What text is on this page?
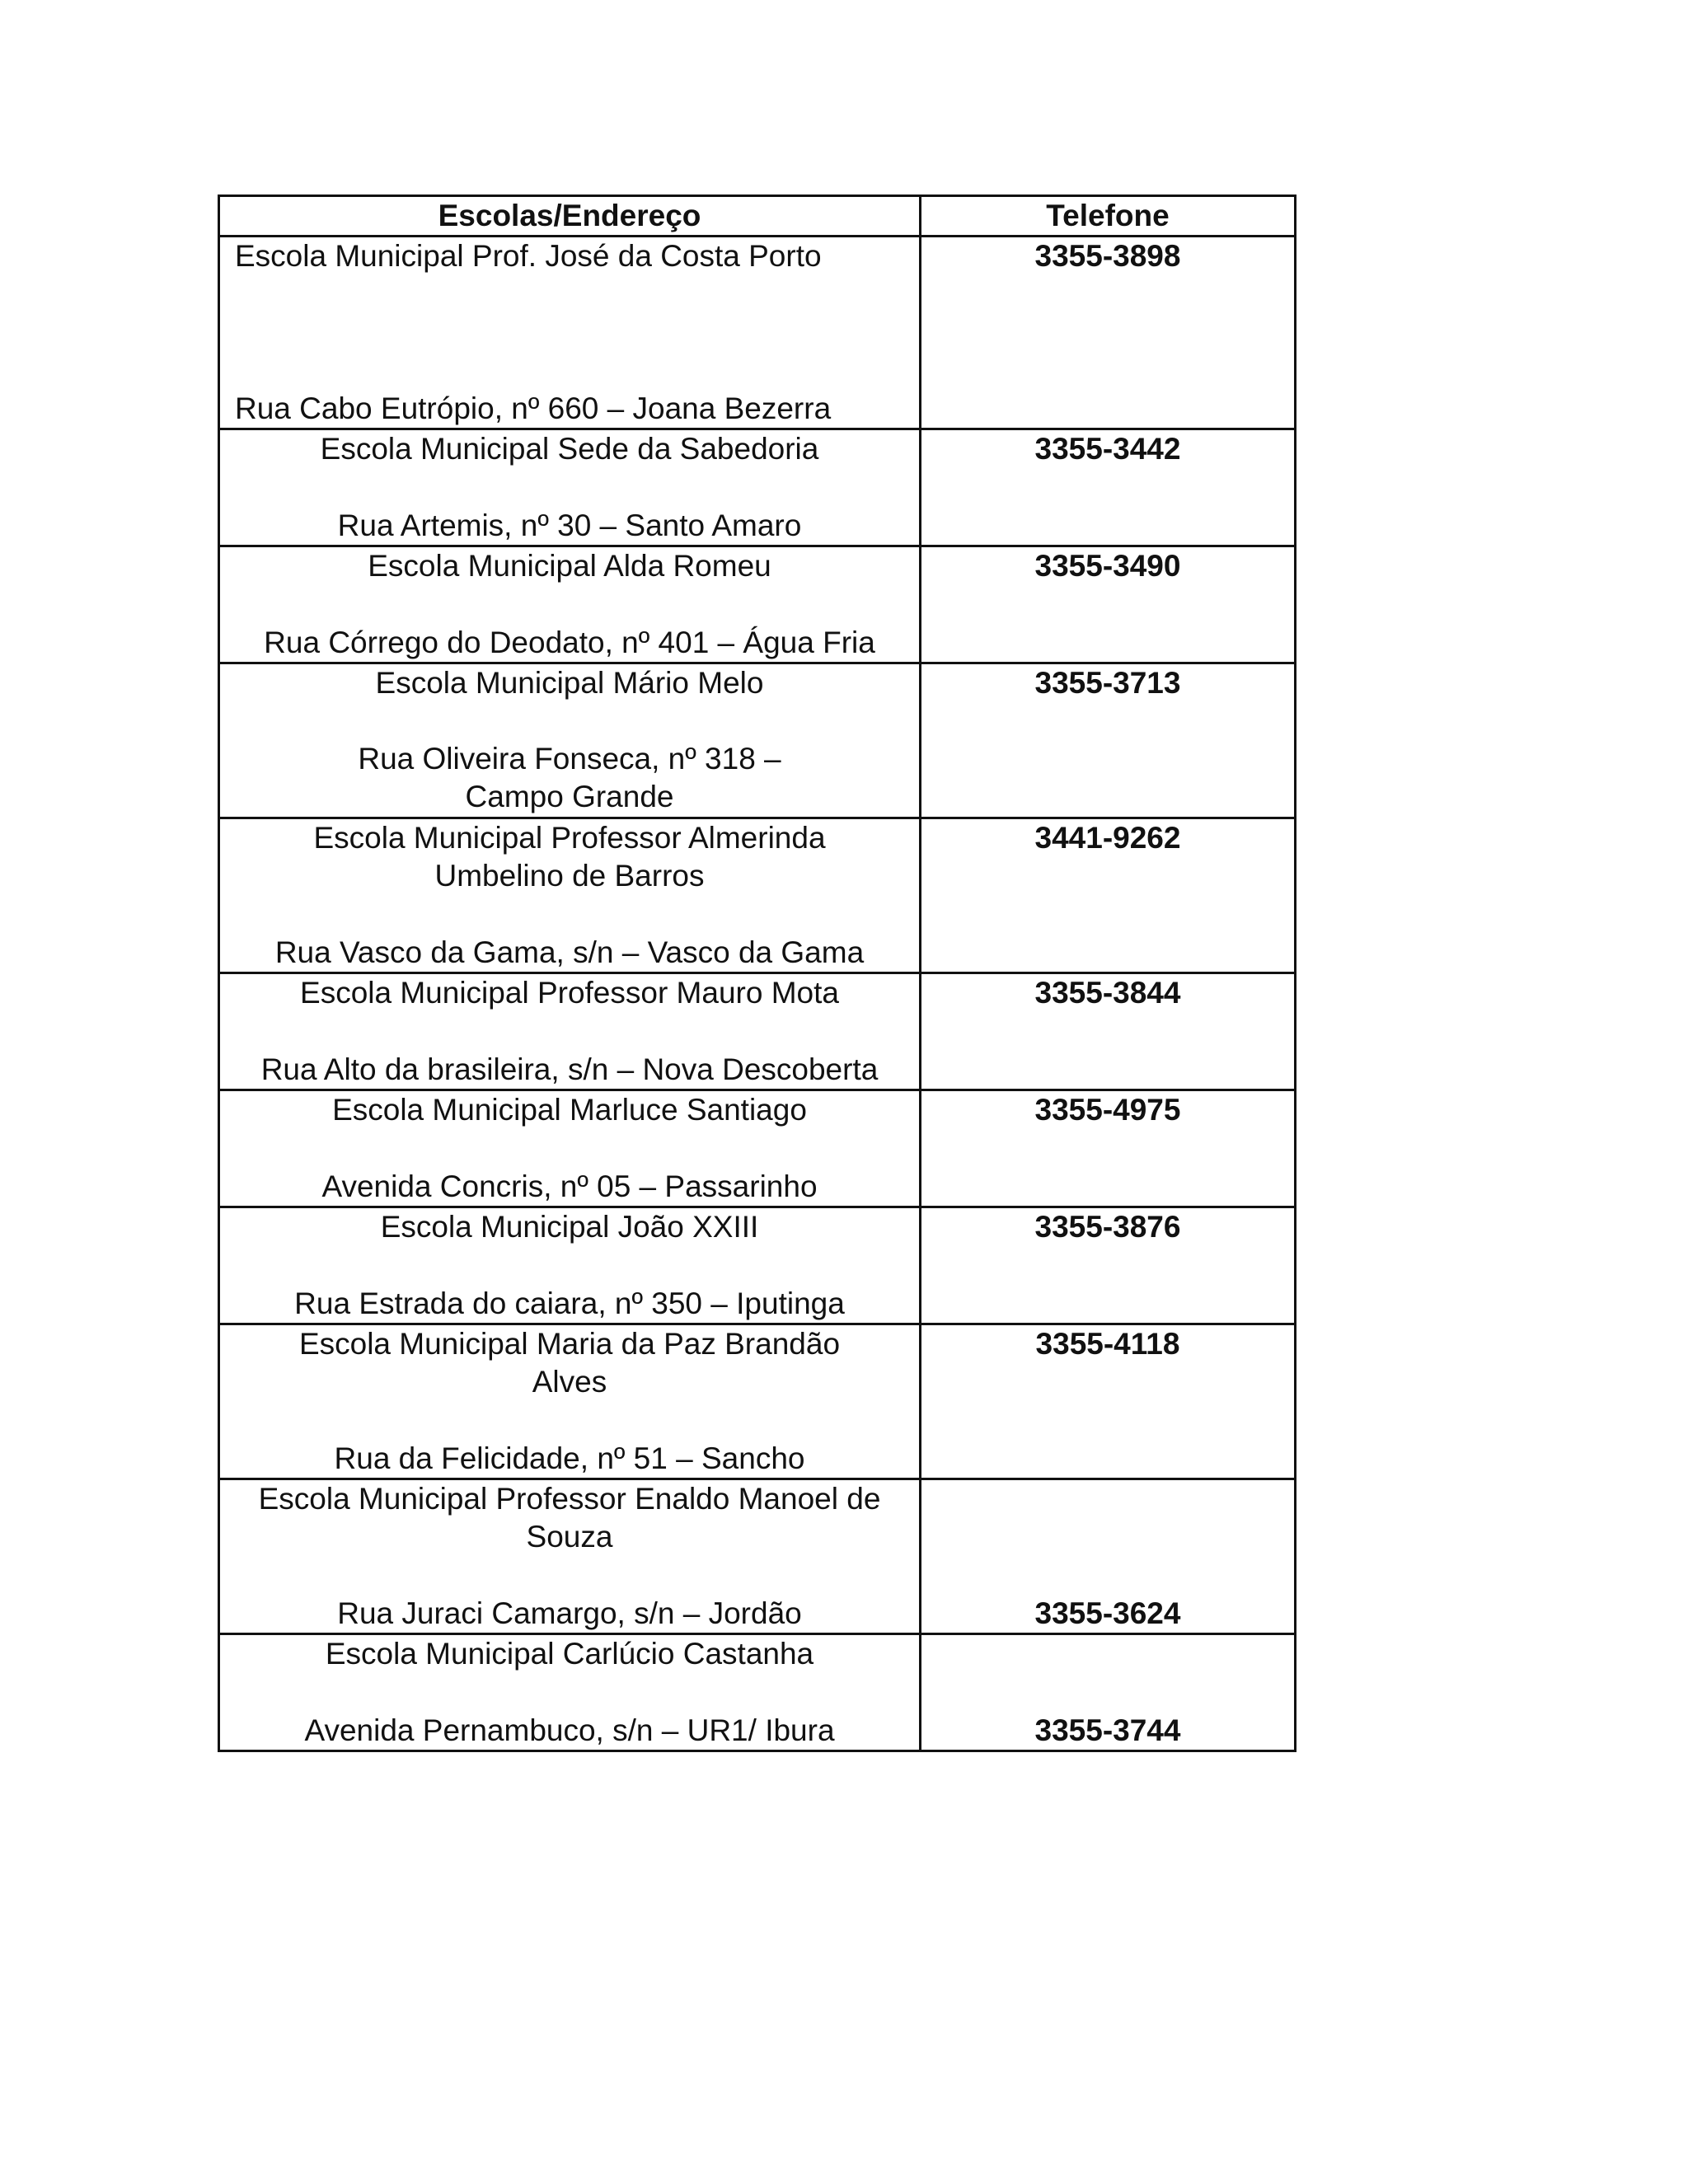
Escolas/Endereço	Telefone

Escola Municipal Prof. José da Costa Porto
Rua Cabo Eutrópio, nº 660 – Joana Bezerra	3355-3898

Escola Municipal Sede da Sabedoria
Rua Artemis, nº 30 – Santo Amaro	3355-3442

Escola Municipal Alda Romeu
Rua Córrego do Deodato, nº 401 – Água Fria	3355-3490

Escola Municipal Mário Melo
Rua Oliveira Fonseca, nº 318 – Campo Grande	3355-3713

Escola Municipal Professor Almerinda Umbelino de Barros
Rua Vasco da Gama, s/n – Vasco da Gama	3441-9262

Escola Municipal Professor Mauro Mota
Rua Alto da brasileira, s/n – Nova Descoberta	3355-3844

Escola Municipal Marluce Santiago
Avenida Concris, nº 05 – Passarinho	3355-4975

Escola Municipal João XXIII
Rua Estrada do caiara, nº 350 – Iputinga	3355-3876

Escola Municipal Maria da Paz Brandão Alves
Rua da Felicidade, nº 51 – Sancho	3355-4118

Escola Municipal Professor Enaldo Manoel de Souza
Rua Juraci Camargo, s/n – Jordão	3355-3624

Escola Municipal Carlúcio Castanha
Avenida Pernambuco, s/n – UR1/ Ibura	3355-3744
